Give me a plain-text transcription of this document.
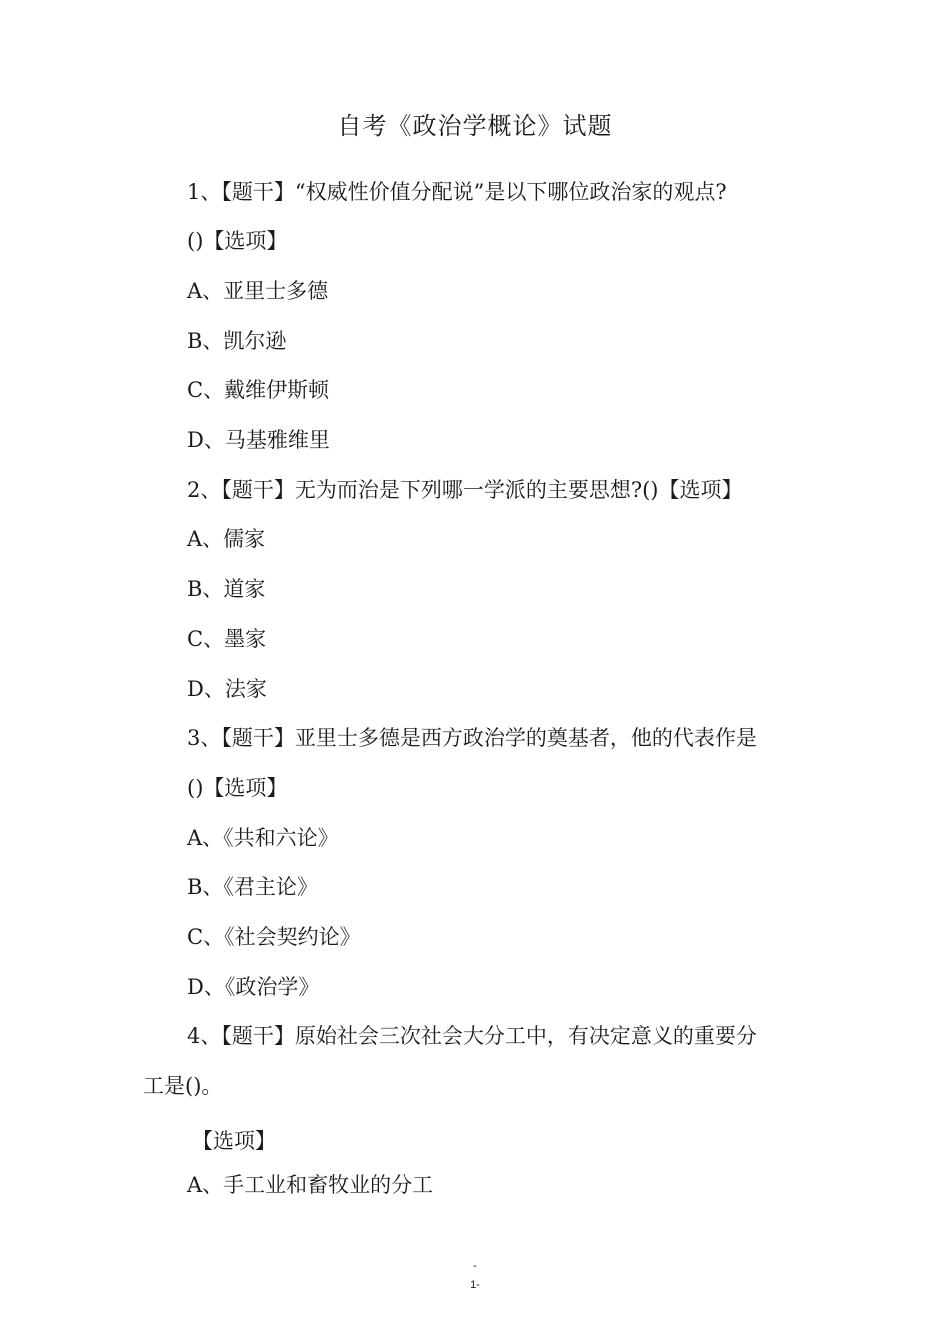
自考《政治学概论》试题
1、【题干】“权威性价值分配说”是以下哪位政治家的观点?
()【选项】
A、亚里士多德
B、凯尔逊
C、戴维伊斯顿
D、马基雅维里
2、【题干】无为而治是下列哪一学派的主要思想?()【选项】
A、儒家
B、道家
C、墨家
D、法家
3、【题干】亚里士多德是西方政治学的奠基者，他的代表作是
()【选项】
A、《共和六论》
B、《君主论》
C、《社会契约论》
D、《政治学》
4、【题干】原始社会三次社会大分工中，有决定意义的重要分
工是()。
【选项】
A、手工业和畜牧业的分工
-
1-
